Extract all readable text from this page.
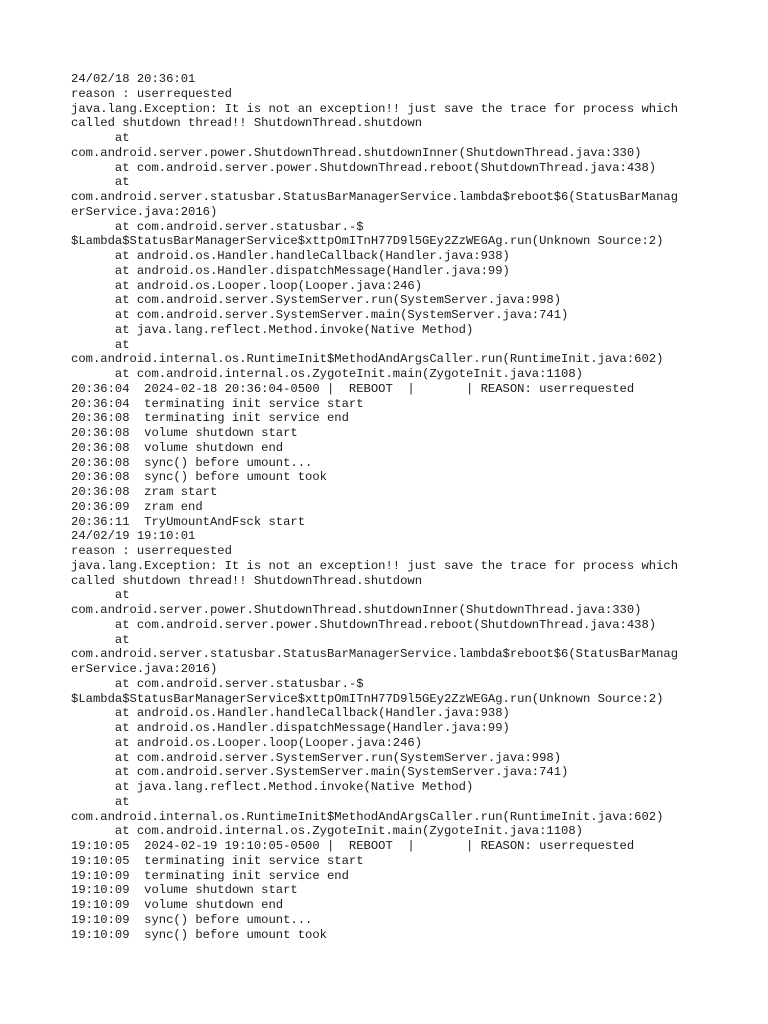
24/02/18 20:36:01
reason : userrequested
java.lang.Exception: It is not an exception!! just save the trace for process which
called shutdown thread!! ShutdownThread.shutdown
at
com.android.server.power.ShutdownThread.shutdownInner(ShutdownThread.java:330)
at com.android.server.power.ShutdownThread.reboot(ShutdownThread.java:438)
at
com.android.server.statusbar.StatusBarManagerService.lambda$reboot$6(StatusBarManag
erService.java:2016)
at com.android.server.statusbar.-$
$Lambda$StatusBarManagerService$xttpOmITnH77D9l5GEy2ZzWEGAg.run(Unknown Source:2)
at android.os.Handler.handleCallback(Handler.java:938)
at android.os.Handler.dispatchMessage(Handler.java:99)
at android.os.Looper.loop(Looper.java:246)
at com.android.server.SystemServer.run(SystemServer.java:998)
at com.android.server.SystemServer.main(SystemServer.java:741)
at java.lang.reflect.Method.invoke(Native Method)
at
com.android.internal.os.RuntimeInit$MethodAndArgsCaller.run(RuntimeInit.java:602)
at com.android.internal.os.ZygoteInit.main(ZygoteInit.java:1108)
20:36:04  2024-02-18 20:36:04-0500 |  REBOOT  |       | REASON: userrequested
20:36:04  terminating init service start
20:36:08  terminating init service end
20:36:08  volume shutdown start
20:36:08  volume shutdown end
20:36:08  sync() before umount...
20:36:08  sync() before umount took
20:36:08  zram start
20:36:09  zram end
20:36:11  TryUmountAndFsck start
24/02/19 19:10:01
reason : userrequested
java.lang.Exception: It is not an exception!! just save the trace for process which
called shutdown thread!! ShutdownThread.shutdown
at
com.android.server.power.ShutdownThread.shutdownInner(ShutdownThread.java:330)
at com.android.server.power.ShutdownThread.reboot(ShutdownThread.java:438)
at
com.android.server.statusbar.StatusBarManagerService.lambda$reboot$6(StatusBarManag
erService.java:2016)
at com.android.server.statusbar.-$
$Lambda$StatusBarManagerService$xttpOmITnH77D9l5GEy2ZzWEGAg.run(Unknown Source:2)
at android.os.Handler.handleCallback(Handler.java:938)
at android.os.Handler.dispatchMessage(Handler.java:99)
at android.os.Looper.loop(Looper.java:246)
at com.android.server.SystemServer.run(SystemServer.java:998)
at com.android.server.SystemServer.main(SystemServer.java:741)
at java.lang.reflect.Method.invoke(Native Method)
at
com.android.internal.os.RuntimeInit$MethodAndArgsCaller.run(RuntimeInit.java:602)
at com.android.internal.os.ZygoteInit.main(ZygoteInit.java:1108)
19:10:05  2024-02-19 19:10:05-0500 |  REBOOT  |       | REASON: userrequested
19:10:05  terminating init service start
19:10:09  terminating init service end
19:10:09  volume shutdown start
19:10:09  volume shutdown end
19:10:09  sync() before umount...
19:10:09  sync() before umount took
